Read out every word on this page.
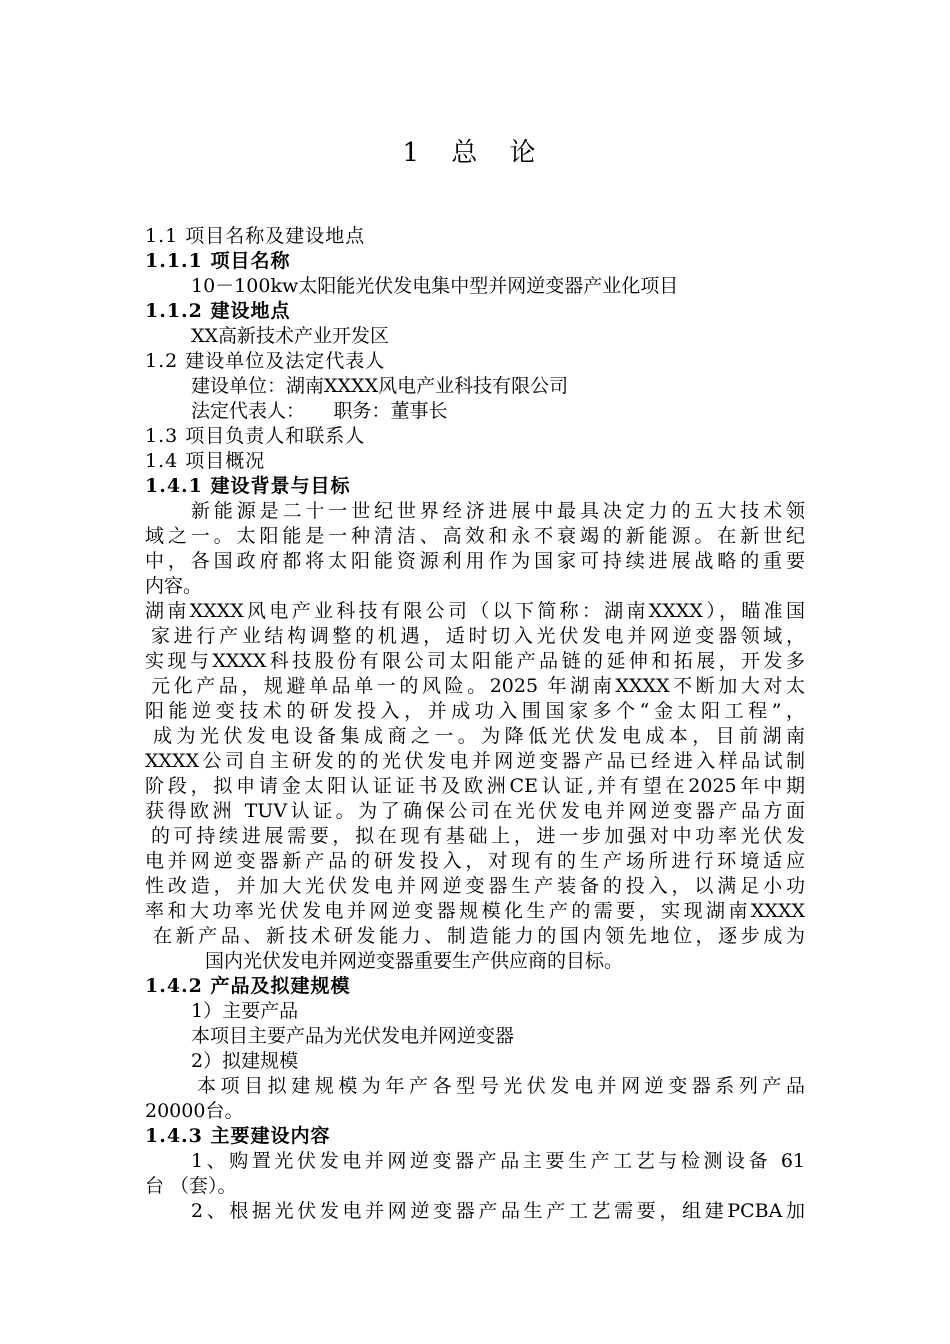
1 总 论
1.1 项目名称及建设地点
1.1.1 项目名称
10－100kw太阳能光伏发电集中型并网逆变器产业化项目
1.1.2 建设地点
XX高新技术产业开发区
1.2 建设单位及法定代表人
建设单位：湖南XXXX风电产业科技有限公司
法定代表人：　　职务：董事长
1.3 项目负责人和联系人
1.4 项目概况
1.4.1 建设背景与目标
新能源是二十一世纪世界经济进展中最具决定力的五大技术领
域之一。太阳能是一种清洁、高效和永不衰竭的新能源。在新世纪
中，各国政府都将太阳能资源利用作为国家可持续进展战略的重要
内容。
湖南XXXX风电产业科技有限公司（以下简称：湖南XXXX），瞄准国
家进行产业结构调整的机遇，适时切入光伏发电并网逆变器领域，
实现与XXXX科技股份有限公司太阳能产品链的延伸和拓展，开发多
元化产品，规避单品单一的风险。2025 年湖南XXXX不断加大对太
阳能逆变技术的研发投入，并成功入围国家多个“金太阳工程”，
成为光伏发电设备集成商之一。为降低光伏发电成本，目前湖南
XXXX公司自主研发的的光伏发电并网逆变器产品已经进入样品试制
阶段，拟申请金太阳认证证书及欧洲CE认证,并有望在2025年中期
获得欧洲 TUV认证。为了确保公司在光伏发电并网逆变器产品方面
的可持续进展需要，拟在现有基础上，进一步加强对中功率光伏发
电并网逆变器新产品的研发投入，对现有的生产场所进行环境适应
性改造，并加大光伏发电并网逆变器生产装备的投入，以满足小功
率和大功率光伏发电并网逆变器规模化生产的需要，实现湖南XXXX
在新产品、新技术研发能力、制造能力的国内领先地位，逐步成为
国内光伏发电并网逆变器重要生产供应商的目标。
1.4.2 产品及拟建规模
1）主要产品
本项目主要产品为光伏发电并网逆变器
2）拟建规模
本项目拟建规模为年产各型号光伏发电并网逆变器系列产品
20000台。
1.4.3 主要建设内容
1、购置光伏发电并网逆变器产品主要生产工艺与检测设备 61
台 （套）。
2、根据光伏发电并网逆变器产品生产工艺需要，组建PCBA加
